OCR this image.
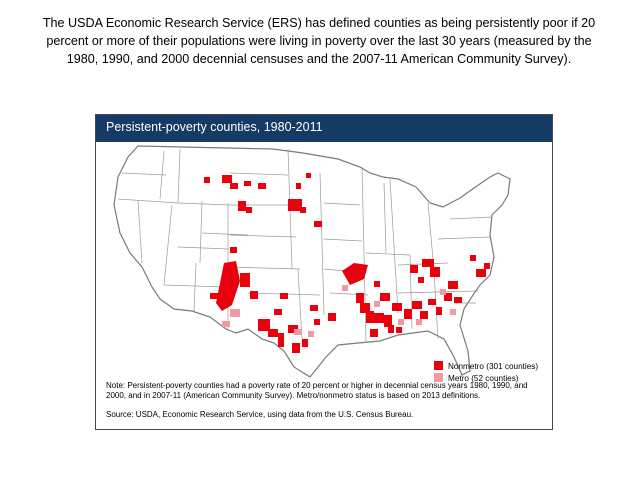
The USDA Economic Research Service (ERS) has defined counties as being persistently poor if 20 percent or more of their populations were living in poverty over the last 30 years (measured by the 1980, 1990, and 2000 decennial censuses and the 2007-11 American Community Survey).

Persistent-poverty counties, 1980-2011
Nonmetro (301 counties)
Metro (52 counties)

Note: Persistent-poverty counties had a poverty rate of 20 percent or higher in decennial census years 1980, 1990, and 2000, and in 2007-11 (American Community Survey). Metro/nonmetro status is based on 2013 definitions.

Source: USDA, Economic Research Service, using data from the U.S. Census Bureau.
